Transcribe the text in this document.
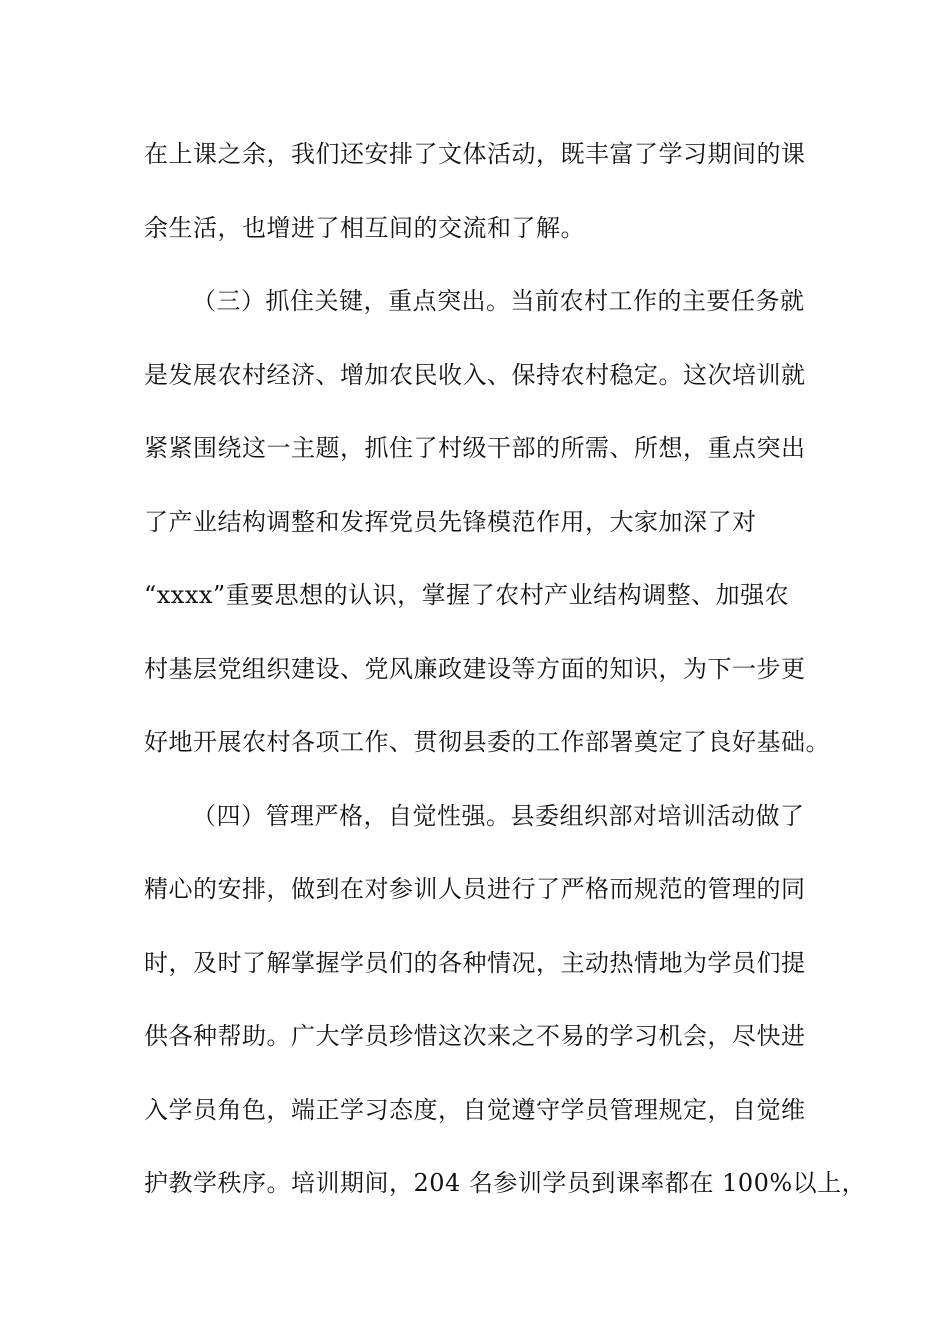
在上课之余，我们还安排了文体活动，既丰富了学习期间的课
余生活，也增进了相互间的交流和了解。
（三）抓住关键，重点突出。当前农村工作的主要任务就
是发展农村经济、增加农民收入、保持农村稳定。这次培训就
紧紧围绕这一主题，抓住了村级干部的所需、所想，重点突出
了产业结构调整和发挥党员先锋模范作用，大家加深了对
“xxxx”重要思想的认识，掌握了农村产业结构调整、加强农
村基层党组织建设、党风廉政建设等方面的知识，为下一步更
好地开展农村各项工作、贯彻县委的工作部署奠定了良好基础。
（四）管理严格，自觉性强。县委组织部对培训活动做了
精心的安排，做到在对参训人员进行了严格而规范的管理的同
时，及时了解掌握学员们的各种情况，主动热情地为学员们提
供各种帮助。广大学员珍惜这次来之不易的学习机会，尽快进
入学员角色，端正学习态度，自觉遵守学员管理规定，自觉维
护教学秩序。培训期间，204 名参训学员到课率都在 100%以上，
